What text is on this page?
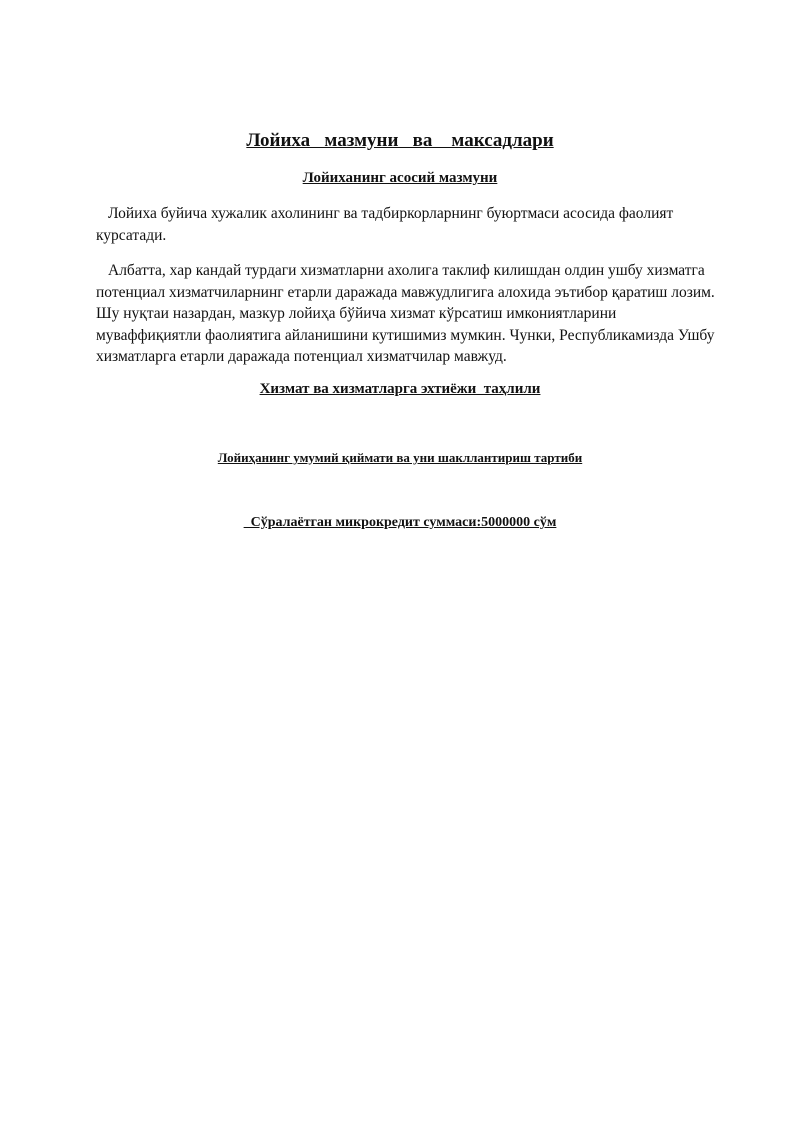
Лойиха   мазмуни   ва    максадлари
Лойиханинг асосий мазмуни

Лойиха буйича хужалик ахолининг ва тадбиркорларнинг буюртмаси асосида фаолият курсатади.

Албатта, хар кандай турдаги хизматларни ахолига таклиф килишдан олдин ушбу хизматга потенциал хизматчиларнинг етарли даражада мавжудлигига алохида эътибор қаратиш лозим. Шу нуқтаи назардан, мазкур лойиҳа бўйича хизмат кўрсатиш имкониятларини муваффиқиятли фаолиятига айланишини кутишимиз мумкин. Чунки, Республикамизда Ушбу хизматларга етарли даражада потенциал хизматчилар мавжуд.

Хизмат ва хизматларга эхтиёжи  таҳлили
Лойиҳанинг умумий қиймати ва уни шакллантириш тартиби
Сўралаётган микрокредит суммаси:5000000 сўм
